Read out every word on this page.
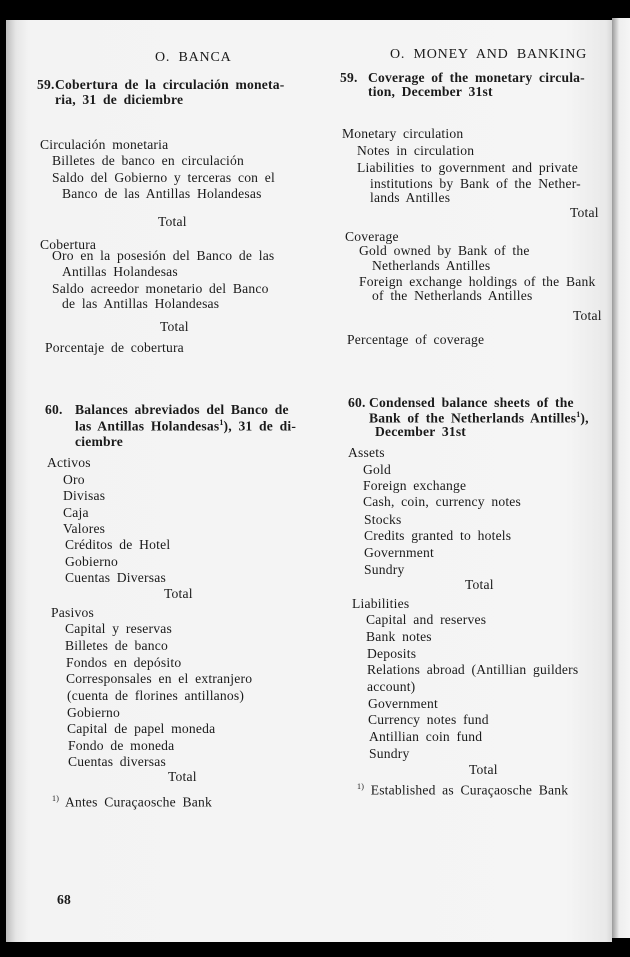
O. BANCA
59. Cobertura de la circulación moneta-
ria, 31 de diciembre
Circulación monetaria
Billetes de banco en circulación
Saldo del Gobierno y terceras con el
Banco de las Antillas Holandesas
Total
Cobertura
Oro en la posesión del Banco de las
Antillas Holandesas
Saldo acreedor monetario del Banco
de las Antillas Holandesas
Total
Porcentaje de cobertura
60. Balances abreviados del Banco de
las Antillas Holandesas$^1$), 31 de di-
ciembre
Activos
Oro
Divisas
Caja
Valores
Créditos de Hotel
Gobierno
Cuentas Diversas
Total
Pasivos
Capital y reservas
Billetes de banco
Fondos en depósito
Corresponsales en el extranjero
(cuenta de florines antillanos)
Gobierno
Capital de papel moneda
Fondo de moneda
Cuentas diversas
Total
$^{1)}$ Antes Curaçaosche Bank
O. MONEY AND BANKING
59. Coverage of the monetary circula-
tion, December 31st
Monetary circulation
Notes in circulation
Liabilities to government and private
institutions by Bank of the Nether-
lands Antilles
Total
Coverage
Gold owned by Bank of the
Netherlands Antilles
Foreign exchange holdings of the Bank
of the Netherlands Antilles
Total
Percentage of coverage
60. Condensed balance sheets of the
Bank of the Netherlands Antilles$^1$),
December 31st
Assets
Gold
Foreign exchange
Cash, coin, currency notes
Stocks
Credits granted to hotels
Government
Sundry
Total
Liabilities
Capital and reserves
Bank notes
Deposits
Relations abroad (Antillian guilders
account)
Government
Currency notes fund
Antillian coin fund
Sundry
Total
$^{1)}$ Established as Curaçaosche Bank
68
